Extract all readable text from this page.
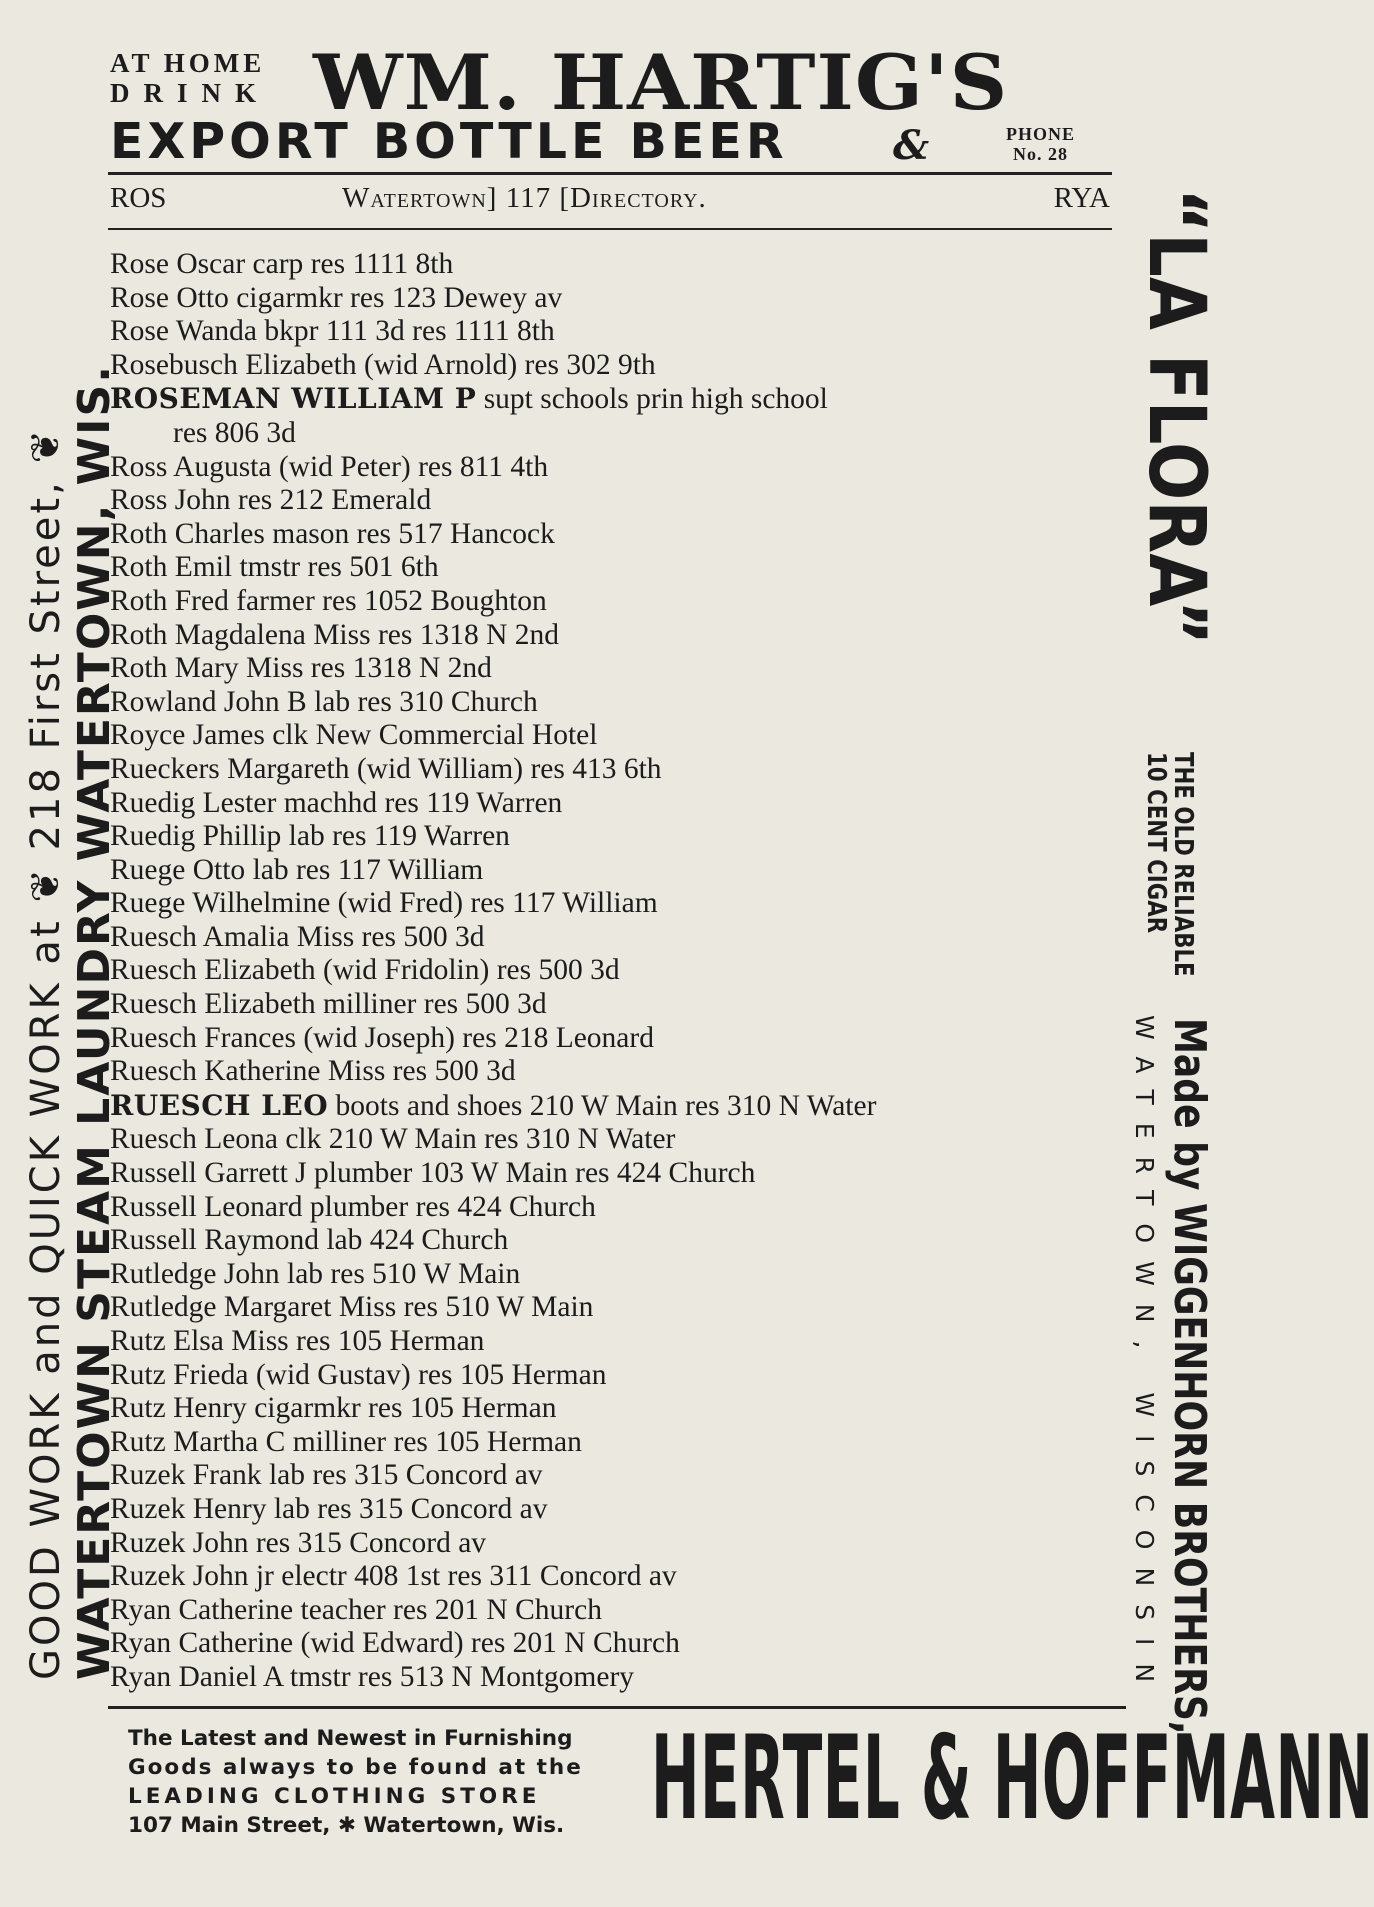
AT HOME
DRINK WM. HARTIG'S
EXPORT BOTTLE BEER	&	PHONE
No. 28
ROS	Watertown] 117 [Directory.	RYA
Rose Oscar carp res 1111 8th
Rose Otto cigarmkr res 123 Dewey av
Rose Wanda bkpr 111 3d res 1111 8th
Rosebusch Elizabeth (wid Arnold) res 302 9th
ROSEMAN WILLIAM P supt schools prin high school
res 806 3d
Ross Augusta (wid Peter) res 811 4th
Ross John res 212 Emerald
Roth Charles mason res 517 Hancock
Roth Emil tmstr res 501 6th
Roth Fred farmer res 1052 Boughton
Roth Magdalena Miss res 1318 N 2nd
Roth Mary Miss res 1318 N 2nd
Rowland John B lab res 310 Church
Royce James clk New Commercial Hotel
Rueckers Margareth (wid William) res 413 6th
Ruedig Lester machhd res 119 Warren
Ruedig Phillip lab res 119 Warren
Ruege Otto lab res 117 William
Ruege Wilhelmine (wid Fred) res 117 William
Ruesch Amalia Miss res 500 3d
Ruesch Elizabeth (wid Fridolin) res 500 3d
Ruesch Elizabeth milliner res 500 3d
Ruesch Frances (wid Joseph) res 218 Leonard
Ruesch Katherine Miss res 500 3d
RUESCH LEO boots and shoes 210 W Main res 310 N Water
Ruesch Leona clk 210 W Main res 310 N Water
Russell Garrett J plumber 103 W Main res 424 Church
Russell Leonard plumber res 424 Church
Russell Raymond lab 424 Church
Rutledge John lab res 510 W Main
Rutledge Margaret Miss res 510 W Main
Rutz Elsa Miss res 105 Herman
Rutz Frieda (wid Gustav) res 105 Herman
Rutz Henry cigarmkr res 105 Herman
Rutz Martha C milliner res 105 Herman
Ruzek Frank lab res 315 Concord av
Ruzek Henry lab res 315 Concord av
Ruzek John res 315 Concord av
Ruzek John jr electr 408 1st res 311 Concord av
Ryan Catherine teacher res 201 N Church
Ryan Catherine (wid Edward) res 201 N Church
Ryan Daniel A tmstr res 513 N Montgomery
GOOD WORK and QUICK WORK at ❦ 218 First Street, ❦ WATERTOWN STEAM LAUNDRY WATERTOWN, WIS.	“LA FLORA”
THE OLD RELIABLE
10 CENT CIGAR
Made by WIGGENHORN BROTHERS,
WATERTOWN, WISCONSIN
The Latest and Newest in Furnishing
Goods always to be found at the
LEADING CLOTHING STORE
107 Main Street, ✱ Watertown, Wis. HERTEL & HOFFMANN
